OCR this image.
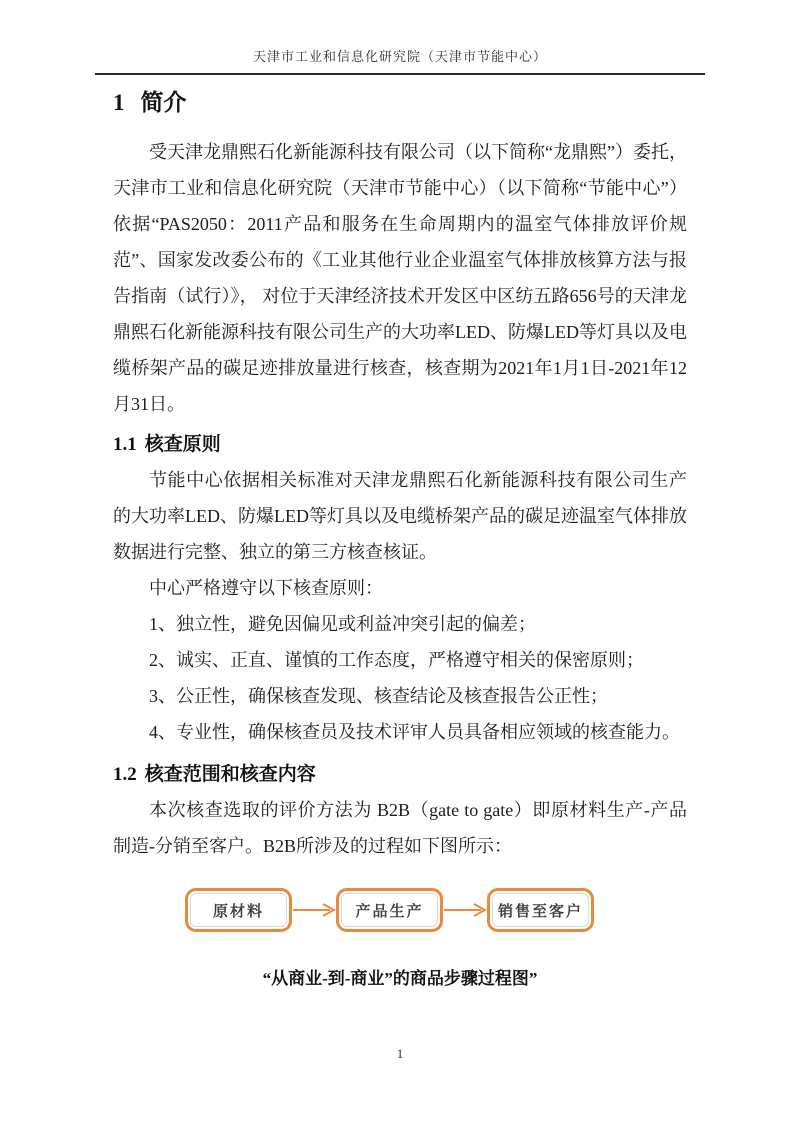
天津市工业和信息化研究院（天津市节能中心）
1 简介

受天津龙鼎熙石化新能源科技有限公司（以下简称“龙鼎熙”）委托，天津市工业和信息化研究院（天津市节能中心）（以下简称“节能中心”）依据“PAS2050：2011产品和服务在生命周期内的温室气体排放评价规范”、国家发改委公布的《工业其他行业企业温室气体排放核算方法与报告指南（试行）》， 对位于天津经济技术开发区中区纺五路656号的天津龙鼎熙石化新能源科技有限公司生产的大功率LED、防爆LED等灯具以及电缆桥架产品的碳足迹排放量进行核查，核查期为2021年1月1日-2021年12月31日。

1.1 核查原则

节能中心依据相关标准对天津龙鼎熙石化新能源科技有限公司生产的大功率LED、防爆LED等灯具以及电缆桥架产品的碳足迹温室气体排放数据进行完整、独立的第三方核查核证。

中心严格遵守以下核查原则：

1、独立性，避免因偏见或利益冲突引起的偏差；

2、诚实、正直、谨慎的工作态度，严格遵守相关的保密原则；

3、公正性，确保核查发现、核查结论及核查报告公正性；

4、专业性，确保核查员及技术评审人员具备相应领域的核查能力。

1.2 核查范围和核查内容

本次核查选取的评价方法为 B2B（gate to gate）即原材料生产-产品制造-分销至客户。B2B所涉及的过程如下图所示：

原材料	产品生产	销售至客户
“从商业-到-商业”的商品步骤过程图”
1
